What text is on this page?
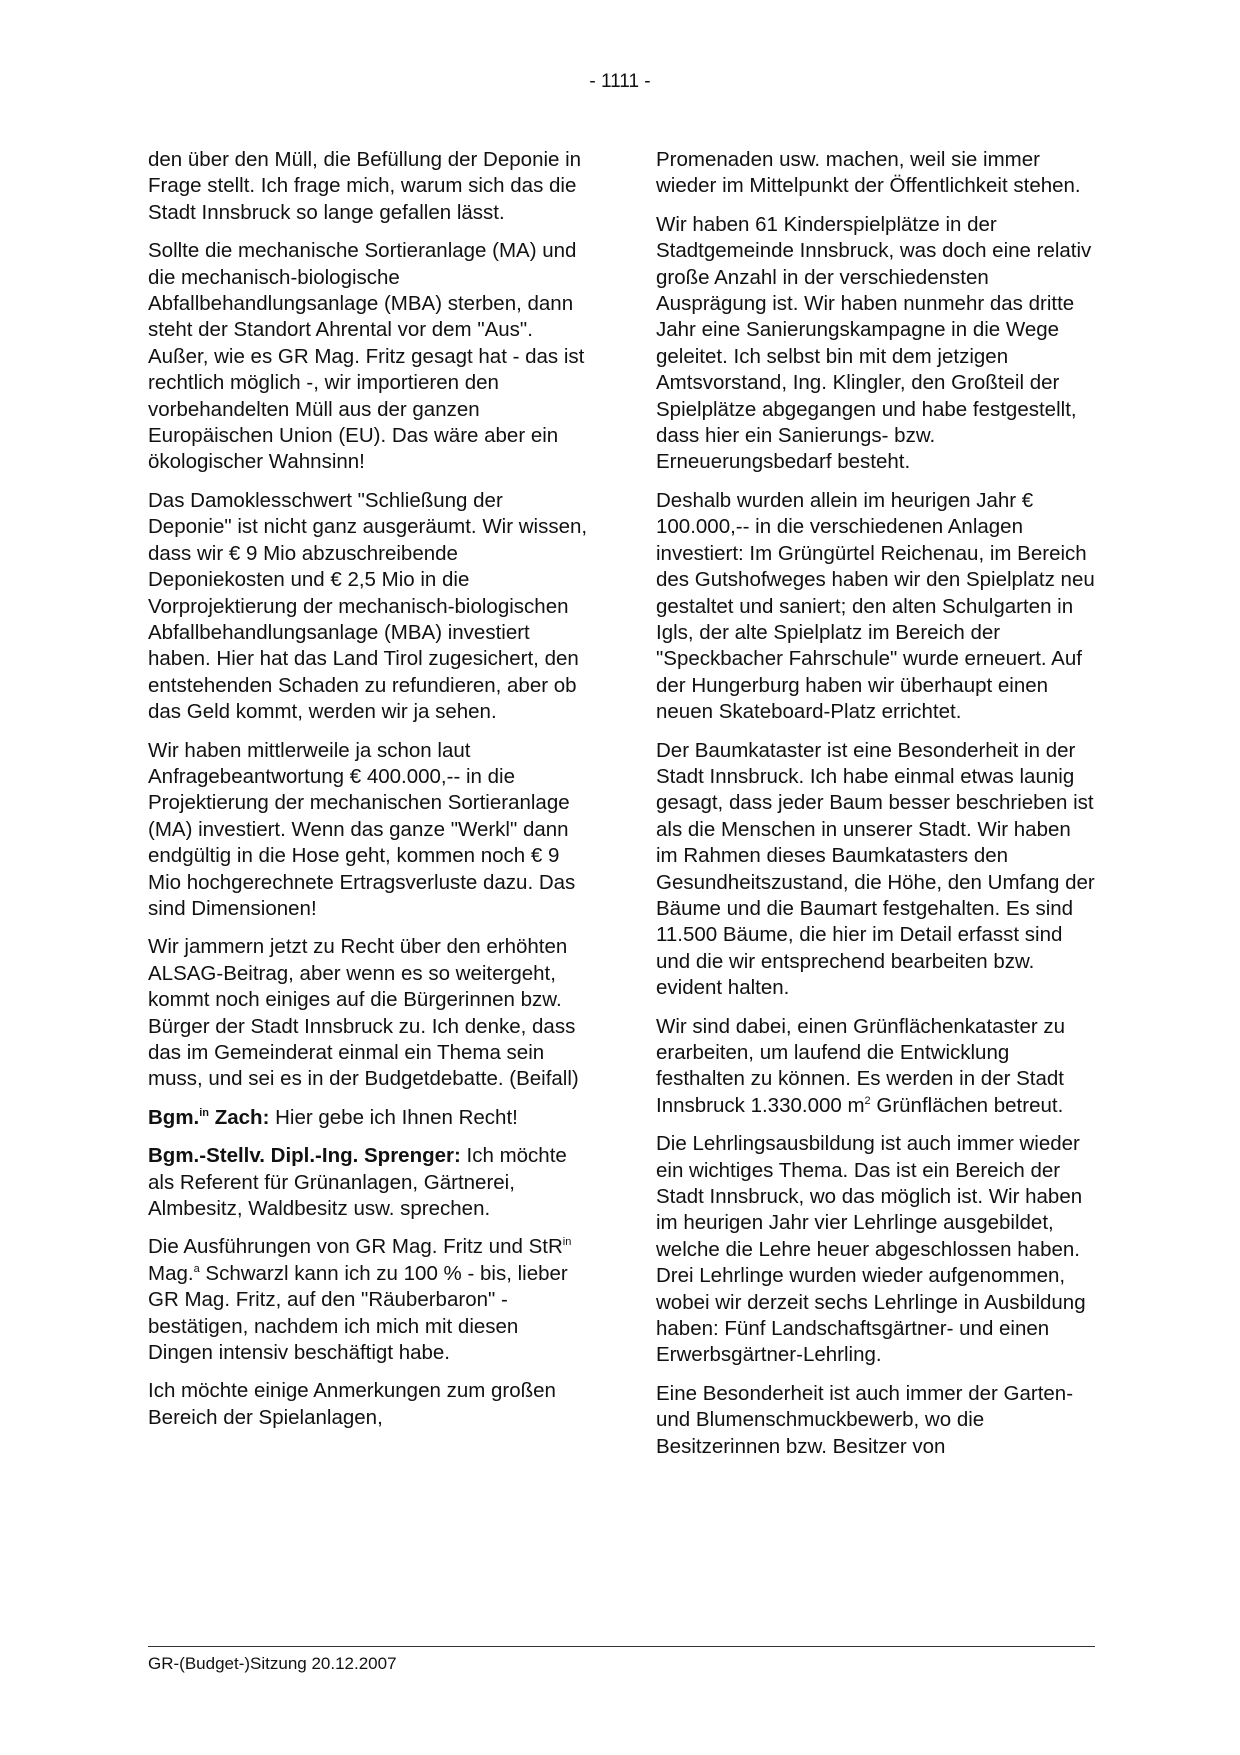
- 1111 -

den über den Müll, die Befüllung der Deponie in Frage stellt. Ich frage mich, warum sich das die Stadt Innsbruck so lange gefallen lässt.

Sollte die mechanische Sortieranlage (MA) und die mechanisch-biologische Abfallbehandlungsanlage (MBA) sterben, dann steht der Standort Ahrental vor dem "Aus". Außer, wie es GR Mag. Fritz gesagt hat - das ist rechtlich möglich -, wir importieren den vorbehandelten Müll aus der ganzen Europäischen Union (EU). Das wäre aber ein ökologischer Wahnsinn!

Das Damoklesschwert "Schließung der Deponie" ist nicht ganz ausgeräumt. Wir wissen, dass wir € 9 Mio abzuschreibende Deponiekosten und € 2,5 Mio in die Vorprojektierung der mechanisch-biologischen Abfallbehandlungsanlage (MBA) investiert haben. Hier hat das Land Tirol zugesichert, den entstehenden Schaden zu refundieren, aber ob das Geld kommt, werden wir ja sehen.

Wir haben mittlerweile ja schon laut Anfragebeantwortung € 400.000,-- in die Projektierung der mechanischen Sortieranlage (MA) investiert. Wenn das ganze "Werkl" dann endgültig in die Hose geht, kommen noch € 9 Mio hochgerechnete Ertragsverluste dazu. Das sind Dimensionen!

Wir jammern jetzt zu Recht über den erhöhten ALSAG-Beitrag, aber wenn es so weitergeht, kommt noch einiges auf die Bürgerinnen bzw. Bürger der Stadt Innsbruck zu. Ich denke, dass das im Gemeinderat einmal ein Thema sein muss, und sei es in der Budgetdebatte. (Beifall)

Bgm.$^{in}$ Zach: Hier gebe ich Ihnen Recht!

Bgm.-Stellv. Dipl.-Ing. Sprenger: Ich möchte als Referent für Grünanlagen, Gärtnerei, Almbesitz, Waldbesitz usw. sprechen.

Die Ausführungen von GR Mag. Fritz und StR$^{in}$ Mag.$^a$ Schwarzl kann ich zu 100 % - bis, lieber GR Mag. Fritz, auf den "Räuberbaron" - bestätigen, nachdem ich mich mit diesen Dingen intensiv beschäftigt habe.

Ich möchte einige Anmerkungen zum großen Bereich der Spielanlagen,

Promenaden usw. machen, weil sie immer wieder im Mittelpunkt der Öffentlichkeit stehen.

Wir haben 61 Kinderspielplätze in der Stadtgemeinde Innsbruck, was doch eine relativ große Anzahl in der verschiedensten Ausprägung ist. Wir haben nunmehr das dritte Jahr eine Sanierungskampagne in die Wege geleitet. Ich selbst bin mit dem jetzigen Amtsvorstand, Ing. Klingler, den Großteil der Spielplätze abgegangen und habe festgestellt, dass hier ein Sanierungs- bzw. Erneuerungsbedarf besteht.

Deshalb wurden allein im heurigen Jahr € 100.000,-- in die verschiedenen Anlagen investiert: Im Grüngürtel Reichenau, im Bereich des Gutshofweges haben wir den Spielplatz neu gestaltet und saniert; den alten Schulgarten in Igls, der alte Spielplatz im Bereich der "Speckbacher Fahrschule" wurde erneuert. Auf der Hungerburg haben wir überhaupt einen neuen Skateboard-Platz errichtet.

Der Baumkataster ist eine Besonderheit in der Stadt Innsbruck. Ich habe einmal etwas launig gesagt, dass jeder Baum besser beschrieben ist als die Menschen in unserer Stadt. Wir haben im Rahmen dieses Baumkatasters den Gesundheitszustand, die Höhe, den Umfang der Bäume und die Baumart festgehalten. Es sind 11.500 Bäume, die hier im Detail erfasst sind und die wir entsprechend bearbeiten bzw. evident halten.

Wir sind dabei, einen Grünflächenkataster zu erarbeiten, um laufend die Entwicklung festhalten zu können. Es werden in der Stadt Innsbruck 1.330.000 $m^2$ Grünflächen betreut.

Die Lehrlingsausbildung ist auch immer wieder ein wichtiges Thema. Das ist ein Bereich der Stadt Innsbruck, wo das möglich ist. Wir haben im heurigen Jahr vier Lehrlinge ausgebildet, welche die Lehre heuer abgeschlossen haben. Drei Lehrlinge wurden wieder aufgenommen, wobei wir derzeit sechs Lehrlinge in Ausbildung haben: Fünf Landschaftsgärtner- und einen Erwerbsgärtner-Lehrling.

Eine Besonderheit ist auch immer der Garten- und Blumenschmuckbewerb, wo die Besitzerinnen bzw. Besitzer von

GR-(Budget-)Sitzung 20.12.2007
